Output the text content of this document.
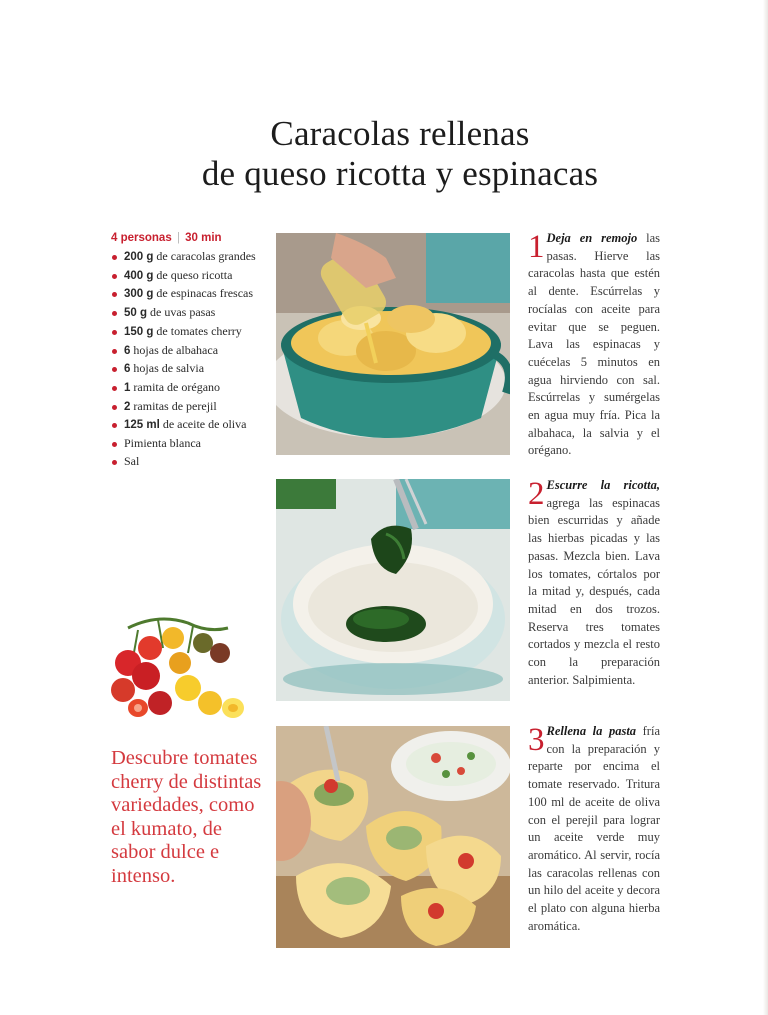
Caracolas rellenas
de queso ricotta y espinacas
4 personas | 30 min
200 g de caracolas grandes
400 g de queso ricotta
300 g de espinacas frescas
50 g de uvas pasas
150 g de tomates cherry
6 hojas de albahaca
6 hojas de salvia
1 ramita de orégano
2 ramitas de perejil
125 ml de aceite de oliva
Pimienta blanca
Sal

1 Deja en remojo las pasas. Hierve las caracolas hasta que estén al dente. Escúrrelas y rocíalas con aceite para evitar que se peguen. Lava las espinacas y cuécelas 5 minutos en agua hirviendo con sal. Escúrrelas y sumérgelas en agua muy fría. Pica la albahaca, la salvia y el orégano.

2 Escurre la ricotta, agrega las espinacas bien escurridas y añade las hierbas picadas y las pasas. Mezcla bien. Lava los tomates, córtalos por la mitad y, después, cada mitad en dos trozos. Reserva tres tomates cortados y mezcla el resto con la preparación anterior. Salpimienta.

3 Rellena la pasta fría con la preparación y reparte por encima el tomate reservado. Tritura 100 ml de aceite de oliva con el perejil para lograr un aceite verde muy aromático. Al servir, rocía las caracolas rellenas con un hilo del aceite y decora el plato con alguna hierba aromática.

Descubre tomates cherry de distintas variedades, como el kumato, de sabor dulce e intenso.
